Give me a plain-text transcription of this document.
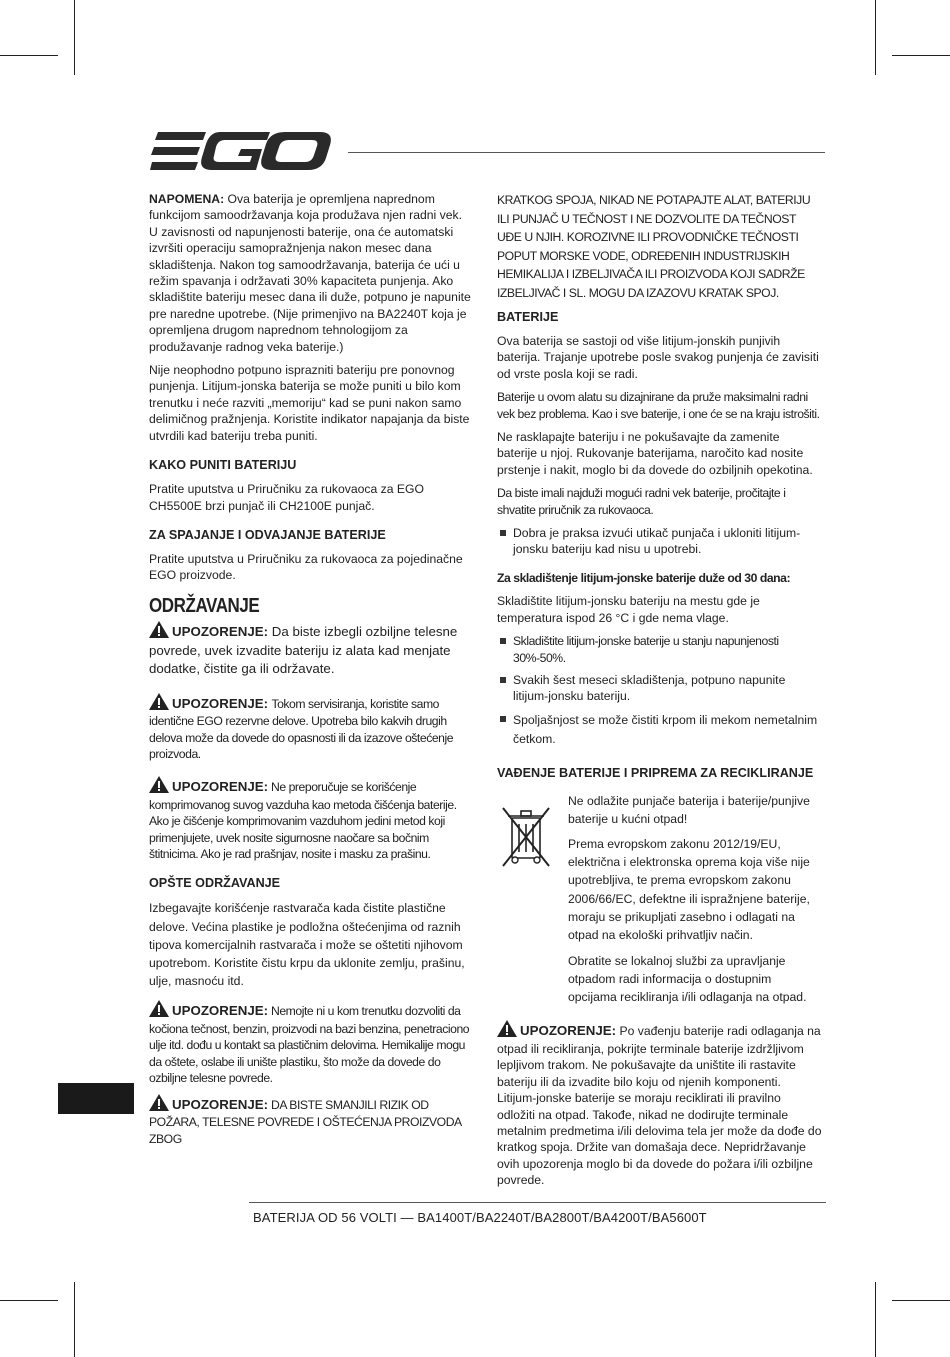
NAPOMENA: Ova baterija je opremljena naprednom funkcijom samoodržavanja koja produžava njen radni vek. U zavisnosti od napunjenosti baterije, ona će automatski izvršiti operaciju samopražnjenja nakon mesec dana skladištenja. Nakon tog samoodržavanja, baterija će ući u režim spavanja i održavati 30% kapaciteta punjenja. Ako skladištite bateriju mesec dana ili duže, potpuno je napunite pre naredne upotrebe. (Nije primenjivo na BA2240T koja je opremljena drugom naprednom tehnologijom za produžavanje radnog veka baterije.)

Nije neophodno potpuno isprazniti bateriju pre ponovnog punjenja. Litijum-jonska baterija se može puniti u bilo kom trenutku i neće razviti „memoriju“ kad se puni nakon samo delimičnog pražnjenja. Koristite indikator napajanja da biste utvrdili kad bateriju treba puniti.

KAKO PUNITI BATERIJU

Pratite uputstva u Priručniku za rukovaoca za EGO CH5500E brzi punjač ili CH2100E punjač.

ZA SPAJANJE I ODVAJANJE BATERIJE

Pratite uputstva u Priručniku za rukovaoca za pojedinačne EGO proizvode.

ODRŽAVANJE

UPOZORENJE: Da biste izbegli ozbiljne telesne povrede, uvek izvadite bateriju iz alata kad menjate dodatke, čistite ga ili održavate.

UPOZORENJE: Tokom servisiranja, koristite samo identične EGO rezervne delove. Upotreba bilo kakvih drugih delova može da dovede do opasnosti ili da izazove oštećenje proizvoda.

UPOZORENJE: Ne preporučuje se korišćenje komprimovanog suvog vazduha kao metoda čišćenja baterije. Ako je čišćenje komprimovanim vazduhom jedini metod koji primenjujete, uvek nosite sigurnosne naočare sa bočnim štitnicima. Ako je rad prašnjav, nosite i masku za prašinu.

OPŠTE ODRŽAVANJE

Izbegavajte korišćenje rastvarača kada čistite plastične delove. Većina plastike je podložna oštećenjima od raznih tipova komercijalnih rastvarača i može se oštetiti njihovom upotrebom. Koristite čistu krpu da uklonite zemlju, prašinu, ulje, masnoću itd.

UPOZORENJE: Nemojte ni u kom trenutku dozvoliti da kočiona tečnost, benzin, proizvodi na bazi benzina, penetraciono ulje itd. dođu u kontakt sa plastičnim delovima. Hemikalije mogu da oštete, oslabe ili unište plastiku, što može da dovede do ozbiljne telesne povrede.

UPOZORENJE: DA BISTE SMANJILI RIZIK OD POŽARA, TELESNE POVREDE I OŠTEĆENJA PROIZVODA ZBOG

KRATKOG SPOJA, NIKAD NE POTAPAJTE ALAT, BATERIJU ILI PUNJAČ U TEČNOST I NE DOZVOLITE DA TEČNOST UĐE U NJIH. KOROZIVNE ILI PROVODNIČKE TEČNOSTI POPUT MORSKE VODE, ODREĐENIH INDUSTRIJSKIH HEMIKALIJA I IZBELJIVAČA ILI PROIZVODA KOJI SADRŽE IZBELJIVAČ I SL. MOGU DA IZAZOVU KRATAK SPOJ.

BATERIJE

Ova baterija se sastoji od više litijum-jonskih punjivih baterija. Trajanje upotrebe posle svakog punjenja će zavisiti od vrste posla koji se radi.

Baterije u ovom alatu su dizajnirane da pruže maksimalni radni vek bez problema. Kao i sve baterije, i one će se na kraju istrošiti.

Ne rasklapajte bateriju i ne pokušavajte da zamenite baterije u njoj. Rukovanje baterijama, naročito kad nosite prstenje i nakit, moglo bi da dovede do ozbiljnih opekotina.

Da biste imali najduži mogući radni vek baterije, pročitajte i shvatite priručnik za rukovaoca.

Dobra je praksa izvući utikač punjača i ukloniti litijum-jonsku bateriju kad nisu u upotrebi.

Za skladištenje litijum-jonske baterije duže od 30 dana:

Skladištite litijum-jonsku bateriju na mestu gde je temperatura ispod 26 °C i gde nema vlage.

Skladištite litijum-jonske baterije u stanju napunjenosti 30%-50%.
Svakih šest meseci skladištenja, potpuno napunite litijum-jonsku bateriju.
Spoljašnjost se može čistiti krpom ili mekom nemetalnim četkom.
VAĐENJE BATERIJE I PRIPREMA ZA RECIKLIRANJE

Ne odlažite punjače baterija i baterije/punjive baterije u kućni otpad!

Prema evropskom zakonu 2012/19/EU, električna i elektronska oprema koja više nije upotrebljiva, te prema evropskom zakonu 2006/66/EC, defektne ili ispražnjene baterije, moraju se prikupljati zasebno i odlagati na otpad na ekološki prihvatljiv način.

Obratite se lokalnoj službi za upravljanje otpadom radi informacija o dostupnim opcijama recikliranja i/ili odlaganja na otpad.

UPOZORENJE: Po vađenju baterije radi odlaganja na otpad ili recikliranja, pokrijte terminale baterije izdržljivom lepljivom trakom. Ne pokušavajte da uništite ili rastavite bateriju ili da izvadite bilo koju od njenih komponenti. Litijum-jonske baterije se moraju reciklirati ili pravilno odložiti na otpad. Takođe, nikad ne dodirujte terminale metalnim predmetima i/ili delovima tela jer može da dođe do kratkog spoja. Držite van domašaja dece. Nepridržavanje ovih upozorenja moglo bi da dovede do požara i/ili ozbiljne povrede.

BATERIJA OD 56 VOLTI — BA1400T/BA2240T/BA2800T/BA4200T/BA5600T
